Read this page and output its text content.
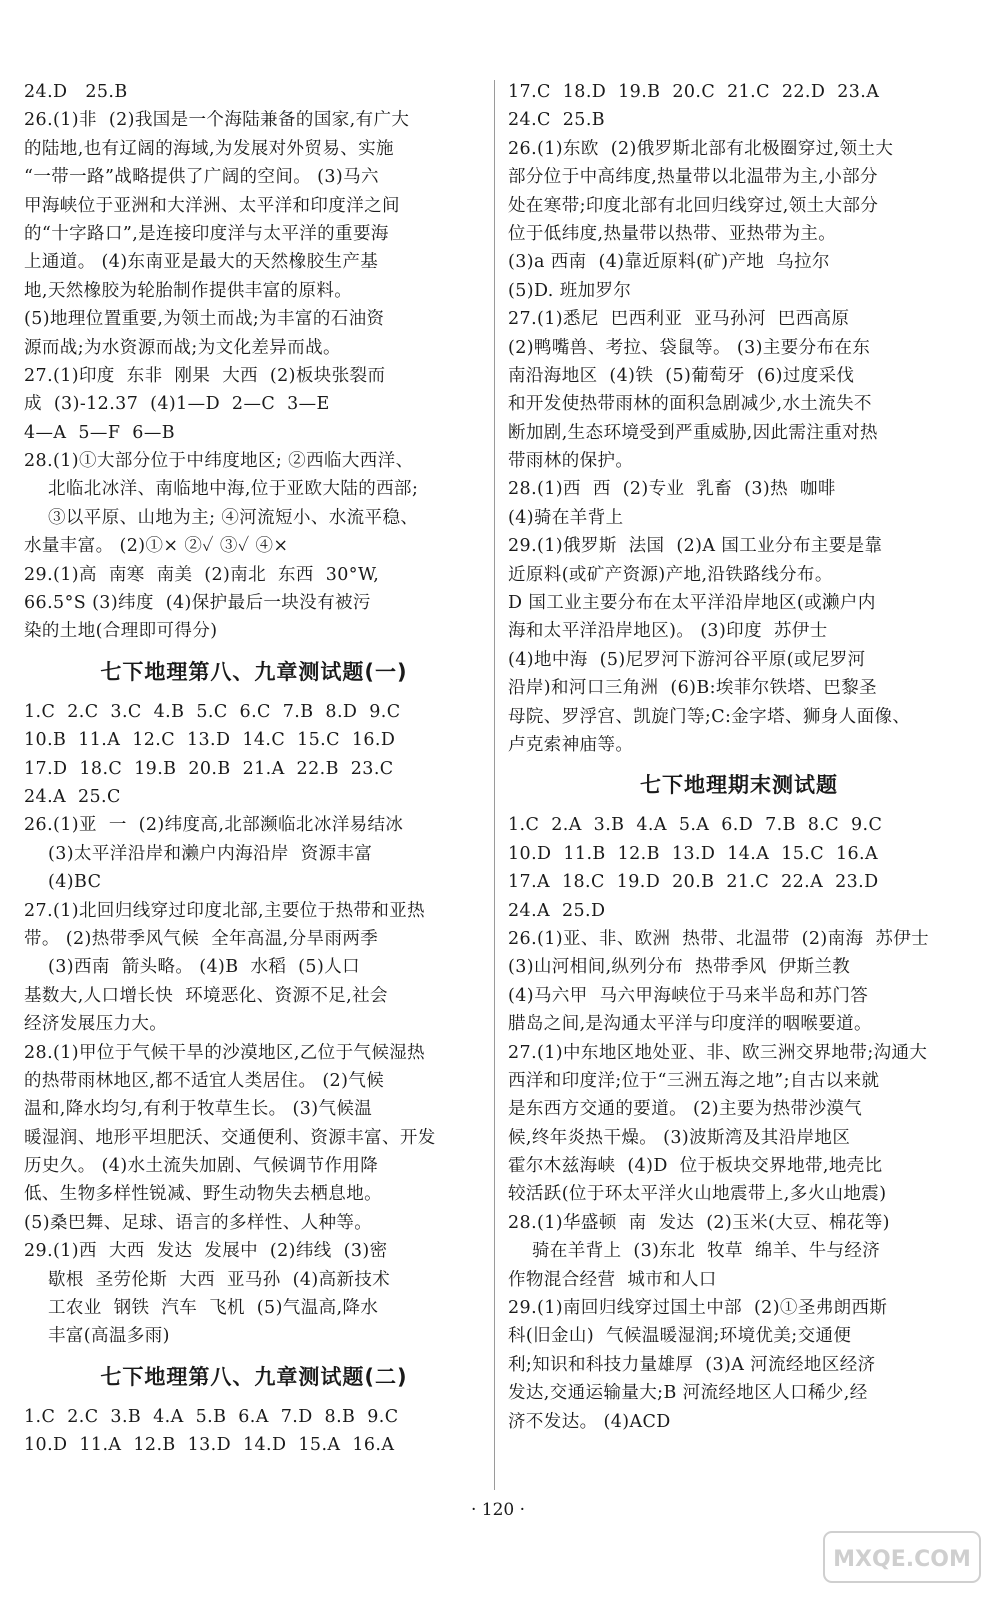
24.D   25.B
26.(1)非  (2)我国是一个海陆兼备的国家,有广大
的陆地,也有辽阔的海域,为发展对外贸易、实施
“一带一路”战略提供了广阔的空间。 (3)马六
甲海峡位于亚洲和大洋洲、太平洋和印度洋之间
的“十字路口”,是连接印度洋与太平洋的重要海
上通道。 (4)东南亚是最大的天然橡胶生产基
地,天然橡胶为轮胎制作提供丰富的原料。
(5)地理位置重要,为领土而战;为丰富的石油资
源而战;为水资源而战;为文化差异而战。
27.(1)印度  东非  刚果  大西  (2)板块张裂而
成  (3)-12.37  (4)1—D  2—C  3—E
4—A  5—F  6—B
28.(1)①大部分位于中纬度地区; ②西临大西洋、
北临北冰洋、南临地中海,位于亚欧大陆的西部;
③以平原、山地为主; ④河流短小、水流平稳、
水量丰富。 (2)①× ②✓ ③✓ ④×
29.(1)高  南寒  南美  (2)南北  东西  30°W,
66.5°S (3)纬度  (4)保护最后一块没有被污
染的土地(合理即可得分)
七下地理第八、九章测试题(一)
1.C  2.C  3.C  4.B  5.C  6.C  7.B  8.D  9.C
10.B  11.A  12.C  13.D  14.C  15.C  16.D
17.D  18.C  19.B  20.B  21.A  22.B  23.C
24.A  25.C
26.(1)亚  一  (2)纬度高,北部濒临北冰洋易结冰
(3)太平洋沿岸和濑户内海沿岸  资源丰富
(4)BC
27.(1)北回归线穿过印度北部,主要位于热带和亚热
带。 (2)热带季风气候  全年高温,分旱雨两季
(3)西南  箭头略。 (4)B  水稻  (5)人口
基数大,人口增长快  环境恶化、资源不足,社会
经济发展压力大。
28.(1)甲位于气候干旱的沙漠地区,乙位于气候湿热
的热带雨林地区,都不适宜人类居住。 (2)气候
温和,降水均匀,有利于牧草生长。 (3)气候温
暖湿润、地形平坦肥沃、交通便利、资源丰富、开发
历史久。 (4)水土流失加剧、气候调节作用降
低、生物多样性锐减、野生动物失去栖息地。
(5)桑巴舞、足球、语言的多样性、人种等。
29.(1)西  大西  发达  发展中  (2)纬线  (3)密
歇根  圣劳伦斯  大西  亚马孙  (4)高新技术
工农业  钢铁  汽车  飞机  (5)气温高,降水
丰富(高温多雨)
七下地理第八、九章测试题(二)
1.C  2.C  3.B  4.A  5.B  6.A  7.D  8.B  9.C
10.D  11.A  12.B  13.D  14.D  15.A  16.A
17.C  18.D  19.B  20.C  21.C  22.D  23.A
24.C  25.B
26.(1)东欧  (2)俄罗斯北部有北极圈穿过,领土大
部分位于中高纬度,热量带以北温带为主,小部分
处在寒带;印度北部有北回归线穿过,领土大部分
位于低纬度,热量带以热带、亚热带为主。
(3)a 西南  (4)靠近原料(矿)产地  乌拉尔
(5)D. 班加罗尔
27.(1)悉尼  巴西利亚  亚马孙河  巴西高原
(2)鸭嘴兽、考拉、袋鼠等。 (3)主要分布在东
南沿海地区  (4)铁  (5)葡萄牙  (6)过度采伐
和开发使热带雨林的面积急剧减少,水土流失不
断加剧,生态环境受到严重威胁,因此需注重对热
带雨林的保护。
28.(1)西  西  (2)专业  乳畜  (3)热  咖啡
(4)骑在羊背上
29.(1)俄罗斯  法国  (2)A 国工业分布主要是靠
近原料(或矿产资源)产地,沿铁路线分布。
D 国工业主要分布在太平洋沿岸地区(或濑户内
海和太平洋沿岸地区)。 (3)印度  苏伊士
(4)地中海  (5)尼罗河下游河谷平原(或尼罗河
沿岸)和河口三角洲  (6)B:埃菲尔铁塔、巴黎圣
母院、罗浮宫、凯旋门等;C:金字塔、狮身人面像、
卢克索神庙等。
七下地理期末测试题
1.C  2.A  3.B  4.A  5.A  6.D  7.B  8.C  9.C
10.D  11.B  12.B  13.D  14.A  15.C  16.A
17.A  18.C  19.D  20.B  21.C  22.A  23.D
24.A  25.D
26.(1)亚、非、欧洲  热带、北温带  (2)南海  苏伊士
(3)山河相间,纵列分布  热带季风  伊斯兰教
(4)马六甲  马六甲海峡位于马来半岛和苏门答
腊岛之间,是沟通太平洋与印度洋的咽喉要道。
27.(1)中东地区地处亚、非、欧三洲交界地带;沟通大
西洋和印度洋;位于“三洲五海之地”;自古以来就
是东西方交通的要道。 (2)主要为热带沙漠气
候,终年炎热干燥。 (3)波斯湾及其沿岸地区
霍尔木兹海峡  (4)D  位于板块交界地带,地壳比
较活跃(位于环太平洋火山地震带上,多火山地震)
28.(1)华盛顿  南  发达  (2)玉米(大豆、棉花等)
骑在羊背上  (3)东北  牧草  绵羊、牛与经济
作物混合经营  城市和人口
29.(1)南回归线穿过国土中部  (2)①圣弗朗西斯
科(旧金山)  气候温暖湿润;环境优美;交通便
利;知识和科技力量雄厚  (3)A 河流经地区经济
发达,交通运输量大;B 河流经地区人口稀少,经
济不发达。 (4)ACD
· 120 ·
MXQE.COM
